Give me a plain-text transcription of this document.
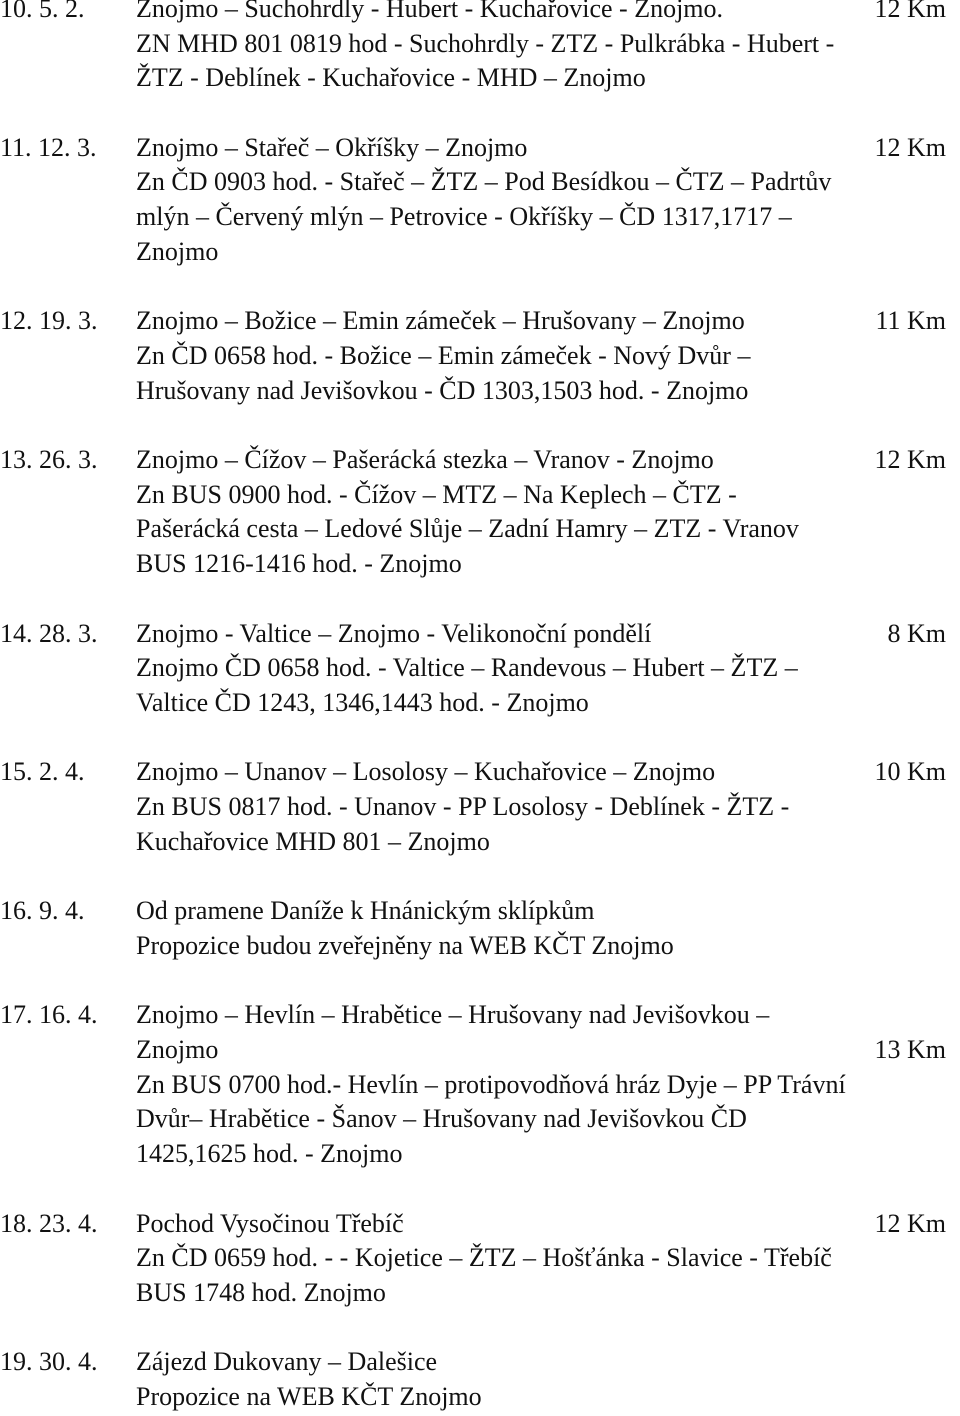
10. 5. 2. Znojmo – Suchohrdly - Hubert - Kuchařovice - Znojmo.
ZN MHD 801 0819 hod - Suchohrdly - ZTZ - Pulkrábka - Hubert -
ŽTZ - Deblínek - Kuchařovice - MHD – Znojmo
12 Km
11. 12. 3. Znojmo – Stařeč – Okříšky – Znojmo
Zn ČD 0903 hod. - Stařeč – ŽTZ – Pod Besídkou – ČTZ – Padrtův
mlýn – Červený mlýn – Petrovice - Okříšky – ČD 1317,1717 –
Znojmo
12 Km
12. 19. 3. Znojmo – Božice – Emin zámeček – Hrušovany – Znojmo
Zn ČD 0658 hod. - Božice – Emin zámeček - Nový Dvůr –
Hrušovany nad Jevišovkou - ČD 1303,1503 hod. - Znojmo
11 Km
13. 26. 3. Znojmo – Čížov – Pašerácká stezka – Vranov - Znojmo
Zn BUS 0900 hod. - Čížov – MTZ – Na Keplech – ČTZ -
Pašerácká cesta – Ledové Slůje – Zadní Hamry – ZTZ - Vranov
BUS 1216-1416 hod. - Znojmo
12 Km
14. 28. 3. Znojmo - Valtice – Znojmo - Velikonoční pondělí
Znojmo ČD 0658 hod. - Valtice – Randevous – Hubert – ŽTZ –
Valtice ČD 1243, 1346,1443 hod. - Znojmo
8 Km
15. 2. 4. Znojmo – Unanov – Losolosy – Kuchařovice – Znojmo
Zn BUS 0817 hod. - Unanov - PP Losolosy - Deblínek - ŽTZ -
Kuchařovice MHD 801 – Znojmo
10 Km
16. 9. 4. Od pramene Daníže k Hnánickým sklípkům
Propozice budou zveřejněny na WEB KČT Znojmo
17. 16. 4. Znojmo – Hevlín – Hrabětice – Hrušovany nad Jevišovkou –
Znojmo
Zn BUS 0700 hod.- Hevlín – protipovodňová hráz Dyje – PP Trávní
Dvůr– Hrabětice - Šanov – Hrušovany nad Jevišovkou ČD
1425,1625 hod. - Znojmo
13 Km
18. 23. 4. Pochod Vysočinou Třebíč
Zn ČD 0659 hod. - - Kojetice – ŽTZ – Hošťánka - Slavice - Třebíč
BUS 1748 hod. Znojmo
12 Km
19. 30. 4. Zájezd Dukovany – Dalešice
Propozice na WEB KČT Znojmo
